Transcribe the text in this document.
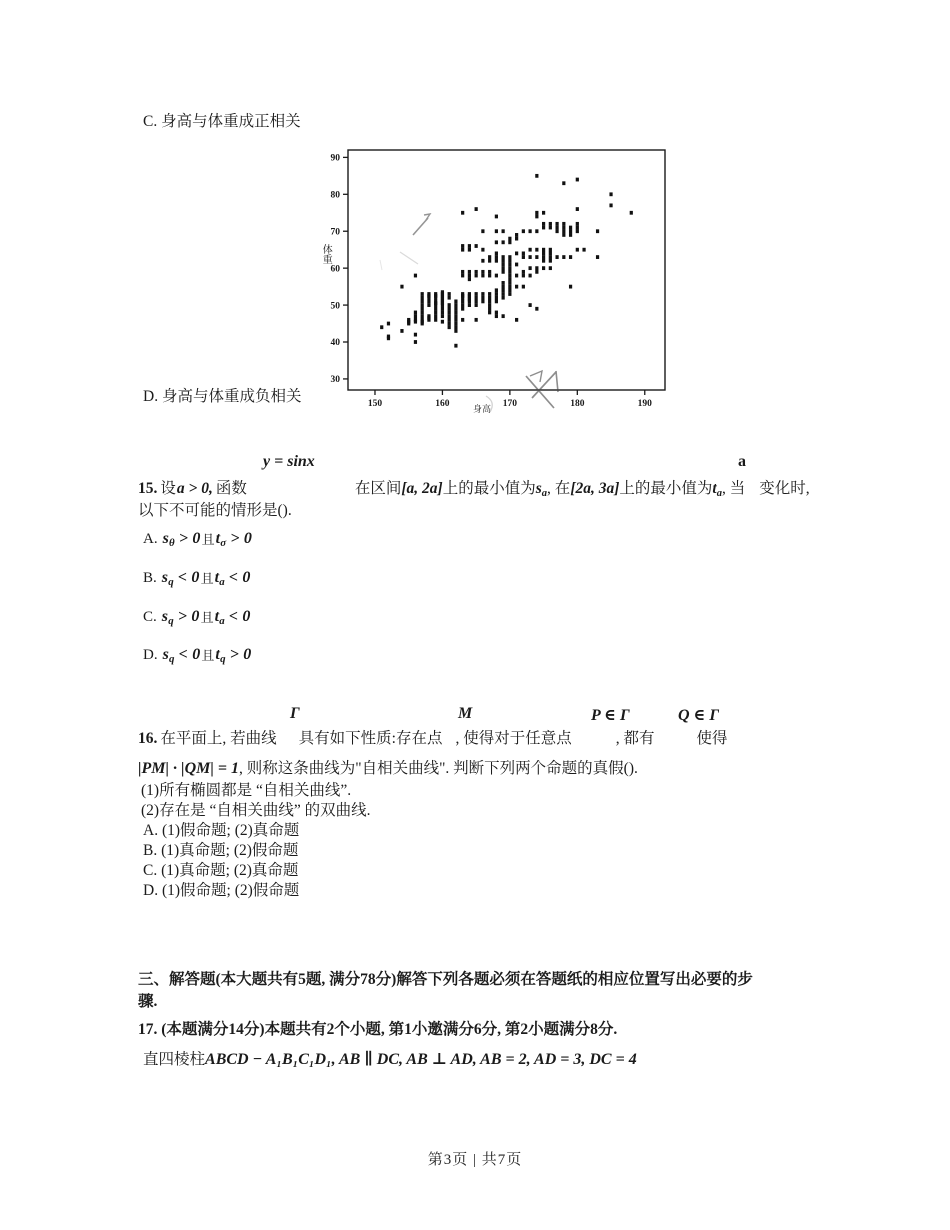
C. 身高与体重成正相关
30
40
50
60
70
80
90
150	160	170	180	190
体重
身高
D. 身高与体重成负相关
y = sinx	a
15. 设a > 0, 函数	在区间[a, 2a]上的最小值为$s_a$, 在[2a, 3a]上的最小值为$t_a$, 当 变化时,
以下不可能的情形是().
A. $s_\theta > 0$且$t_\sigma > 0$
B. $s_q < 0$且$t_a < 0$
C. $s_q > 0$且$t_a < 0$
D. $s_q < 0$且$t_q > 0$
Γ	M	P ∈ Γ	Q ∈ Γ
16. 在平面上, 若曲线 具有如下性质:存在点 , 使得对于任意点	, 都有	使得
|PM| · |QM| = 1, 则称这条曲线为"自相关曲线". 判断下列两个命题的真假().
(1)所有椭圆都是 “自相关曲线”.
(2)存在是 “自相关曲线” 的双曲线.
A. (1)假命题; (2)真命题
B. (1)真命题; (2)假命题
C. (1)真命题; (2)真命题
D. (1)假命题; (2)假命题
三、解答题(本大题共有5题, 满分78分)解答下列各题必须在答题纸的相应位置写出必要的步
骤.
17. (本题满分14分)本题共有2个小题, 第1小邀满分6分, 第2小题满分8分.
直四棱柱ABCD − A₁B₁C₁D₁, AB ∥ DC, AB ⊥ AD, AB = 2, AD = 3, DC = 4
第3页 | 共7页
